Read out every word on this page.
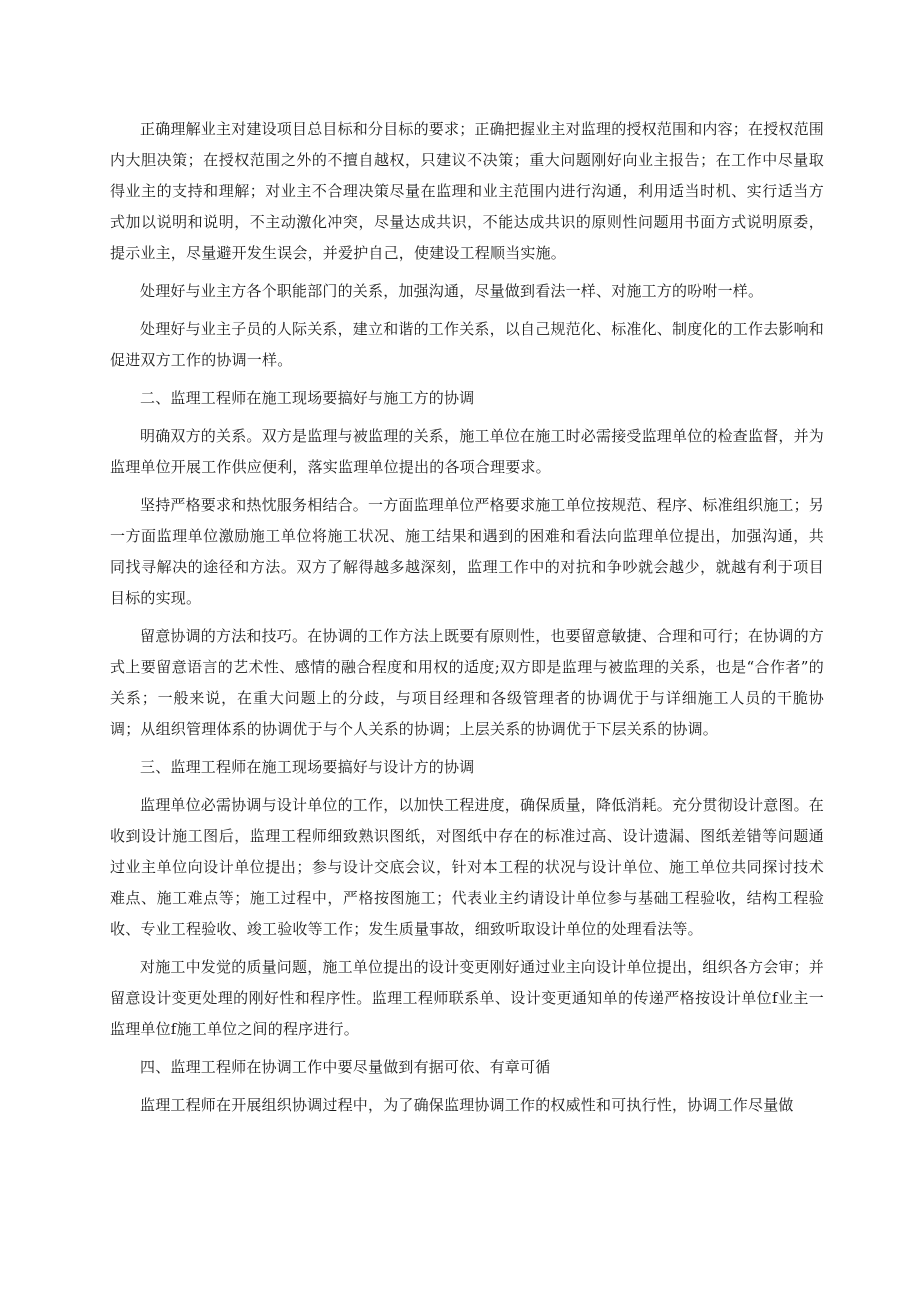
正确理解业主对建设项目总目标和分目标的要求；正确把握业主对监理的授权范围和内容；在授权范围内大胆决策；在授权范围之外的不擅自越权，只建议不决策；重大问题刚好向业主报告；在工作中尽量取得业主的支持和理解；对业主不合理决策尽量在监理和业主范围内进行沟通，利用适当时机、实行适当方式加以说明和说明，不主动激化冲突，尽量达成共识，不能达成共识的原则性问题用书面方式说明原委，提示业主，尽量避开发生误会，并爱护自己，使建设工程顺当实施。

处理好与业主方各个职能部门的关系，加强沟通，尽量做到看法一样、对施工方的吩咐一样。

处理好与业主子员的人际关系，建立和谐的工作关系，以自己规范化、标准化、制度化的工作去影响和促进双方工作的协调一样。

二、监理工程师在施工现场要搞好与施工方的协调

明确双方的关系。双方是监理与被监理的关系，施工单位在施工时必需接受监理单位的检查监督，并为监理单位开展工作供应便利，落实监理单位提出的各项合理要求。

坚持严格要求和热忱服务相结合。一方面监理单位严格要求施工单位按规范、程序、标准组织施工；另一方面监理单位激励施工单位将施工状况、施工结果和遇到的困难和看法向监理单位提出，加强沟通，共同找寻解决的途径和方法。双方了解得越多越深刻，监理工作中的对抗和争吵就会越少，就越有利于项目目标的实现。

留意协调的方法和技巧。在协调的工作方法上既要有原则性，也要留意敏捷、合理和可行；在协调的方式上要留意语言的艺术性、感情的融合程度和用权的适度;双方即是监理与被监理的关系，也是“合作者”的关系；一般来说，在重大问题上的分歧，与项目经理和各级管理者的协调优于与详细施工人员的干脆协调；从组织管理体系的协调优于与个人关系的协调；上层关系的协调优于下层关系的协调。

三、监理工程师在施工现场要搞好与设计方的协调

监理单位必需协调与设计单位的工作，以加快工程进度，确保质量，降低消耗。充分贯彻设计意图。在收到设计施工图后，监理工程师细致熟识图纸，对图纸中存在的标准过高、设计遗漏、图纸差错等问题通过业主单位向设计单位提出；参与设计交底会议，针对本工程的状况与设计单位、施工单位共同探讨技术难点、施工难点等；施工过程中，严格按图施工；代表业主约请设计单位参与基础工程验收，结构工程验收、专业工程验收、竣工验收等工作；发生质量事故，细致听取设计单位的处理看法等。

对施工中发觉的质量问题，施工单位提出的设计变更刚好通过业主向设计单位提出，组织各方会审；并留意设计变更处理的刚好性和程序性。监理工程师联系单、设计变更通知单的传递严格按设计单位f业主一监理单位f施工单位之间的程序进行。

四、监理工程师在协调工作中要尽量做到有据可依、有章可循

监理工程师在开展组织协调过程中，为了确保监理协调工作的权威性和可执行性，协调工作尽量做
